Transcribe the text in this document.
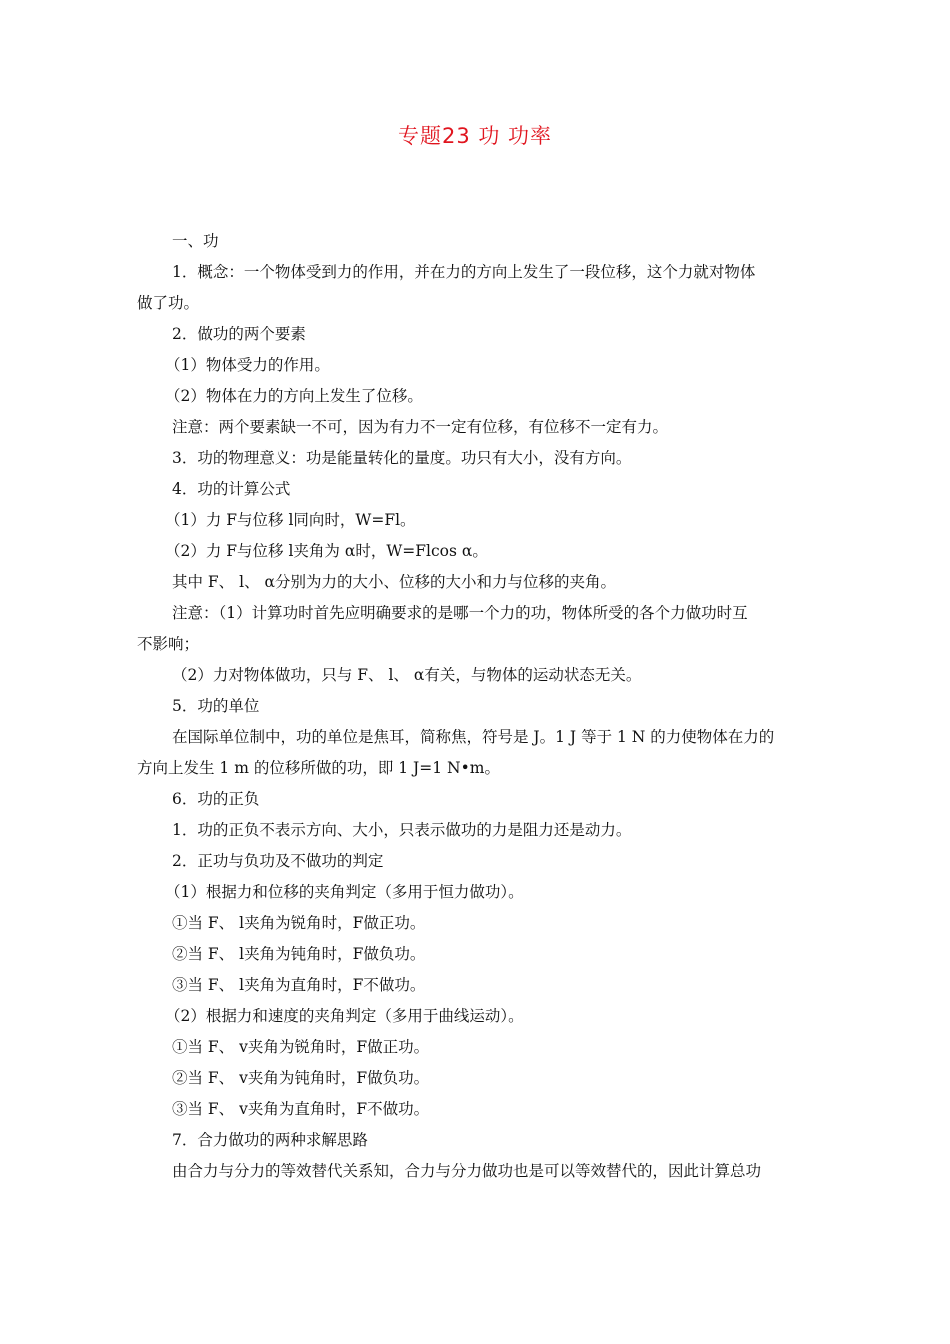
专题23 功 功率
一、功
1．概念：一个物体受到力的作用，并在力的方向上发生了一段位移，这个力就对物体
做了功。
2．做功的两个要素
（1）物体受力的作用。
（2）物体在力的方向上发生了位移。
注意：两个要素缺一不可，因为有力不一定有位移，有位移不一定有力。
3．功的物理意义：功是能量转化的量度。功只有大小，没有方向。
4．功的计算公式
（1）力 F与位移 l同向时，W=Fl。
（2）力 F与位移 l夹角为 α时，W=Flcos α。
其中 F、 l、 α分别为力的大小、位移的大小和力与位移的夹角。
注意：（1）计算功时首先应明确要求的是哪一个力的功，物体所受的各个力做功时互
不影响；
（2）力对物体做功，只与 F、 l、 α有关，与物体的运动状态无关。
5．功的单位
在国际单位制中，功的单位是焦耳，简称焦，符号是 J。1 J 等于 1 N 的力使物体在力的
方向上发生 1 m 的位移所做的功，即 1 J=1 N•m。
6．功的正负
1．功的正负不表示方向、大小，只表示做功的力是阻力还是动力。
2．正功与负功及不做功的判定
（1）根据力和位移的夹角判定（多用于恒力做功）。
①当 F、 l夹角为锐角时，F做正功。
②当 F、 l夹角为钝角时，F做负功。
③当 F、 l夹角为直角时，F不做功。
（2）根据力和速度的夹角判定（多用于曲线运动）。
①当 F、 v夹角为锐角时，F做正功。
②当 F、 v夹角为钝角时，F做负功。
③当 F、 v夹角为直角时，F不做功。
7．合力做功的两种求解思路
由合力与分力的等效替代关系知，合力与分力做功也是可以等效替代的，因此计算总功
